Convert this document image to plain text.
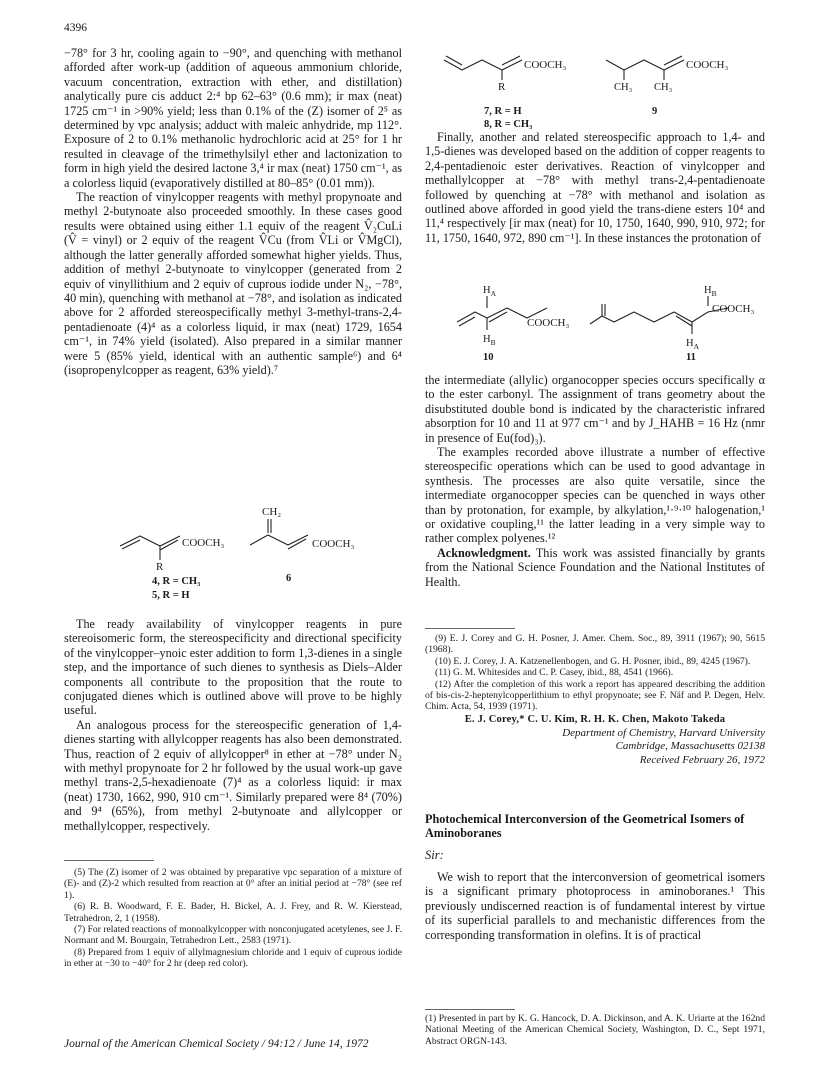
4396

−78° for 3 hr, cooling again to −90°, and quenching with methanol afforded after work-up (addition of aqueous ammonium chloride, vacuum concentration, extraction with ether, and distillation) analytically pure cis adduct 2:⁴ bp 62–63° (0.6 mm); ir max (neat) 1725 cm⁻¹ in >90% yield; less than 0.1% of the (Z) isomer of 2⁵ as determined by vpc analysis; adduct with maleic anhydride, mp 112°. Exposure of 2 to 0.1% methanolic hydrochloric acid at 25° for 1 hr resulted in cleavage of the trimethylsilyl ether and lactonization to form in high yield the desired lactone 3,⁴ ir max (neat) 1750 cm⁻¹, as a colorless liquid (evaporatively distilled at 80–85° (0.01 mm)).

The reaction of vinylcopper reagents with methyl propynoate and methyl 2-butynoate also proceeded smoothly. In these cases good results were obtained using either 1.1 equiv of the reagent V̂₂CuLi (V̂ = vinyl) or 2 equiv of the reagent V̂Cu (from V̂Li or V̂MgCl), although the latter generally afforded somewhat higher yields. Thus, addition of methyl 2-butynoate to vinylcopper (generated from 2 equiv of vinyllithium and 2 equiv of cuprous iodide under N₂, −78°, 40 min), quenching with methanol at −78°, and isolation as indicated above for 2 afforded stereospecifically methyl 3-methyl-trans-2,4-pentadienoate (4)⁴ as a colorless liquid, ir max (neat) 1729, 1654 cm⁻¹, in 74% yield (isolated). Also prepared in a similar manner were 5 (85% yield, identical with an authentic sample⁶) and 6⁴ (isopropenylcopper as reagent, 63% yield).⁷

COOCH₃
R
4, R = CH₃
5, R = H
CH₂
COOCH₃
6

The ready availability of vinylcopper reagents in pure stereoisomeric form, the stereospecificity and directional specificity of the vinylcopper–ynoic ester addition to form 1,3-dienes in a single step, and the importance of such dienes to synthesis as Diels–Alder components all contribute to the proposition that the route to conjugated dienes which is outlined above will prove to be highly useful.

An analogous process for the stereospecific generation of 1,4-dienes starting with allylcopper reagents has also been demonstrated. Thus, reaction of 2 equiv of allylcopper⁸ in ether at −78° under N₂ with methyl propynoate for 2 hr followed by the usual work-up gave methyl trans-2,5-hexadienoate (7)⁴ as a colorless liquid: ir max (neat) 1730, 1662, 990, 910 cm⁻¹. Similarly prepared were 8⁴ (70%) and 9⁴ (65%), from methyl 2-butynoate and allylcopper or methallylcopper, respectively.

(5) The (Z) isomer of 2 was obtained by preparative vpc separation of a mixture of (E)- and (Z)-2 which resulted from reaction at 0° after an initial period at −78° (see ref 1).

(6) R. B. Woodward, F. E. Bader, H. Bickel, A. J. Frey, and R. W. Kierstead, Tetrahedron, 2, 1 (1958).

(7) For related reactions of monoalkylcopper with nonconjugated acetylenes, see J. F. Normant and M. Bourgain, Tetrahedron Lett., 2583 (1971).

(8) Prepared from 1 equiv of allylmagnesium chloride and 1 equiv of cuprous iodide in ether at −30 to −40° for 2 hr (deep red color).

COOCH₃
R
7, R = H
8, R = CH₃
COOCH₃
CH₃ CH₃
9

Finally, another and related stereospecific approach to 1,4- and 1,5-dienes was developed based on the addition of copper reagents to 2,4-pentadienoic ester derivatives. Reaction of vinylcopper and methallylcopper at −78° with methyl trans-2,4-pentadienoate followed by quenching at −78° with methanol and isolation as outlined above afforded in good yield the trans-diene esters 10⁴ and 11,⁴ respectively [ir max (neat) for 10, 1750, 1640, 990, 910, 972; for 11, 1750, 1640, 972, 890 cm⁻¹]. In these instances the protonation of

$H_A$
COOCH₃
$H_B$
10
$H_B$
COOCH₃
$H_A$
11

the intermediate (allylic) organocopper species occurs specifically α to the ester carbonyl. The assignment of trans geometry about the disubstituted double bond is indicated by the characteristic infrared absorption for 10 and 11 at 977 cm⁻¹ and by J_HAHB = 16 Hz (nmr in presence of Eu(fod)₃).

The examples recorded above illustrate a number of effective stereospecific operations which can be used to good advantage in synthesis. The processes are also quite versatile, since the intermediate organocopper species can be quenched in ways other than by protonation, for example, by alkylation,¹·⁹·¹⁰ halogenation,¹ or oxidative coupling,¹¹ the latter leading in a very simple way to rather complex polyenes.¹²

Acknowledgment. This work was assisted financially by grants from the National Science Foundation and the National Institutes of Health.

(9) E. J. Corey and G. H. Posner, J. Amer. Chem. Soc., 89, 3911 (1967); 90, 5615 (1968).

(10) E. J. Corey, J. A. Katzenellenbogen, and G. H. Posner, ibid., 89, 4245 (1967).

(11) G. M. Whitesides and C. P. Casey, ibid., 88, 4541 (1966).

(12) After the completion of this work a report has appeared describing the addition of bis-cis-2-heptenylcopperlithium to ethyl propynoate; see F. Näf and P. Degen, Helv. Chim. Acta, 54, 1939 (1971).

E. J. Corey,* C. U. Kim, R. H. K. Chen, Makoto Takeda
Department of Chemistry, Harvard University
Cambridge, Massachusetts 02138
Received February 26, 1972
Photochemical Interconversion of the Geometrical Isomers of Aminoboranes
Sir:

We wish to report that the interconversion of geometrical isomers is a significant primary photoprocess in aminoboranes.¹ This previously undiscerned reaction is of fundamental interest by virtue of its superficial parallels to and mechanistic differences from the corresponding transformation in olefins. It is of practical

(1) Presented in part by K. G. Hancock, D. A. Dickinson, and A. K. Uriarte at the 162nd National Meeting of the American Chemical Society, Washington, D. C., Sept 1971, Abstract ORGN-143.
Journal of the American Chemical Society / 94:12 / June 14, 1972
